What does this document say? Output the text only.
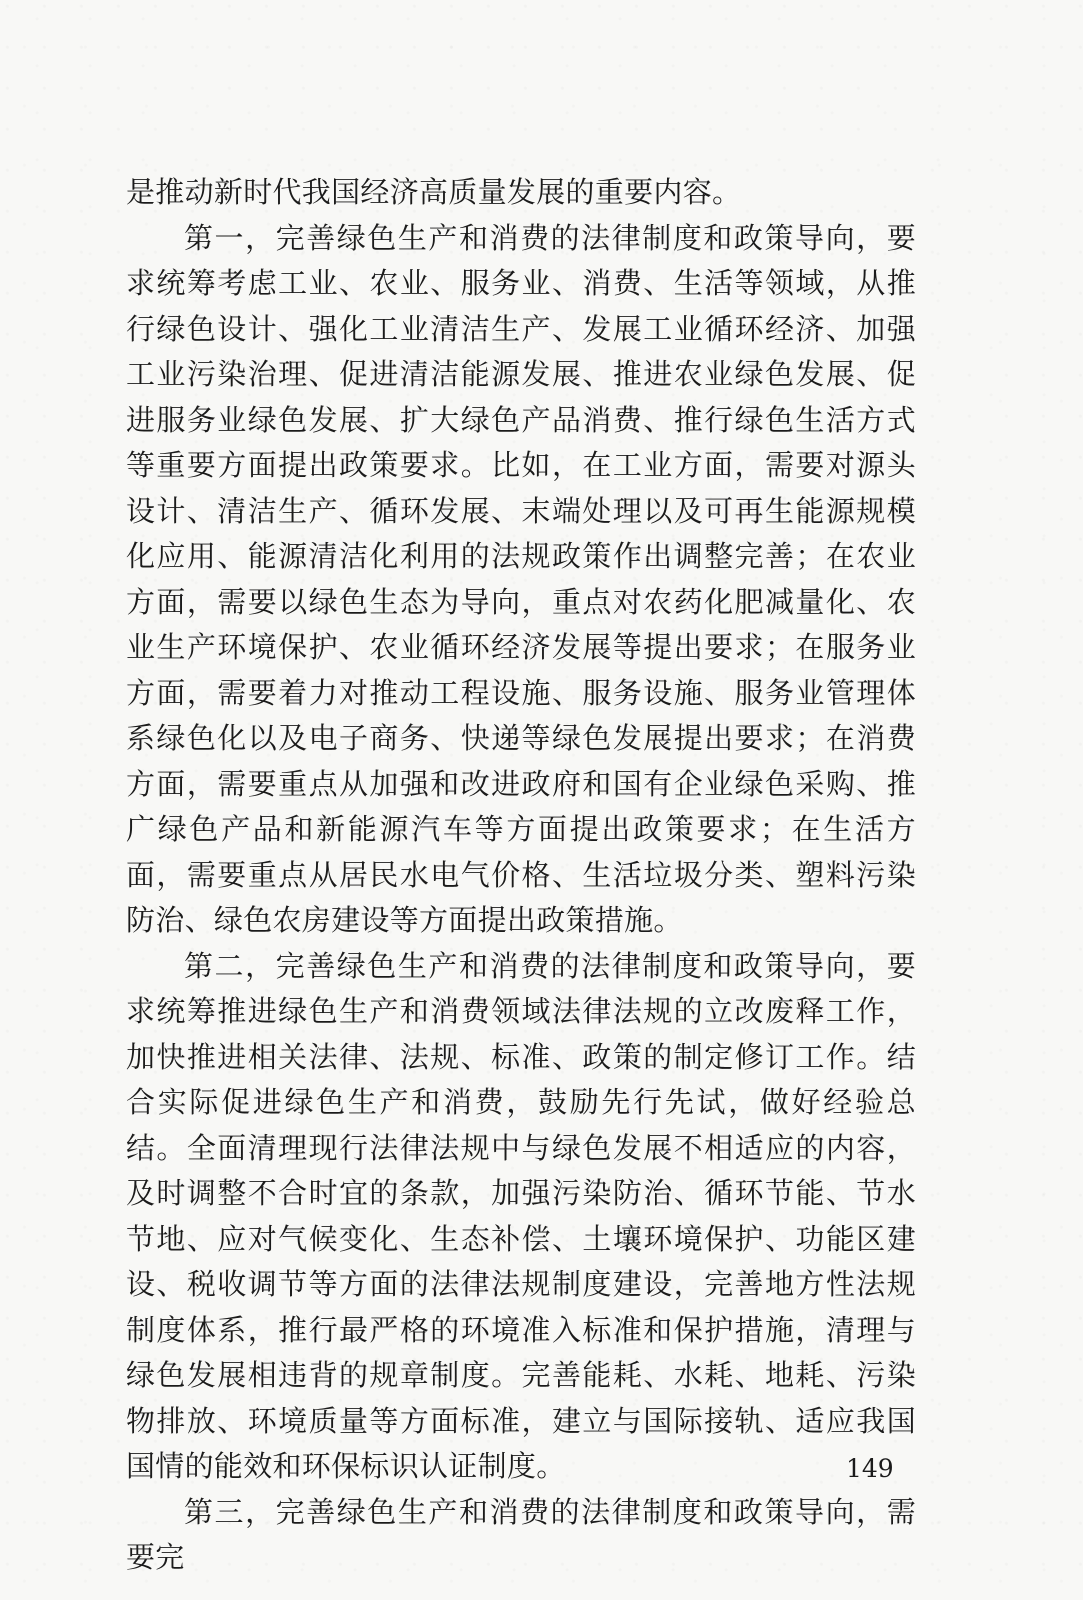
是推动新时代我国经济高质量发展的重要内容。

第一，完善绿色生产和消费的法律制度和政策导向，要求统筹考虑工业、农业、服务业、消费、生活等领域，从推行绿色设计、强化工业清洁生产、发展工业循环经济、加强工业污染治理、促进清洁能源发展、推进农业绿色发展、促进服务业绿色发展、扩大绿色产品消费、推行绿色生活方式等重要方面提出政策要求。比如，在工业方面，需要对源头设计、清洁生产、循环发展、末端处理以及可再生能源规模化应用、能源清洁化利用的法规政策作出调整完善；在农业方面，需要以绿色生态为导向，重点对农药化肥减量化、农业生产环境保护、农业循环经济发展等提出要求；在服务业方面，需要着力对推动工程设施、服务设施、服务业管理体系绿色化以及电子商务、快递等绿色发展提出要求；在消费方面，需要重点从加强和改进政府和国有企业绿色采购、推广绿色产品和新能源汽车等方面提出政策要求；在生活方面，需要重点从居民水电气价格、生活垃圾分类、塑料污染防治、绿色农房建设等方面提出政策措施。

第二，完善绿色生产和消费的法律制度和政策导向，要求统筹推进绿色生产和消费领域法律法规的立改废释工作，加快推进相关法律、法规、标准、政策的制定修订工作。结合实际促进绿色生产和消费，鼓励先行先试，做好经验总结。全面清理现行法律法规中与绿色发展不相适应的内容，及时调整不合时宜的条款，加强污染防治、循环节能、节水节地、应对气候变化、生态补偿、土壤环境保护、功能区建设、税收调节等方面的法律法规制度建设，完善地方性法规制度体系，推行最严格的环境准入标准和保护措施，清理与绿色发展相违背的规章制度。完善能耗、水耗、地耗、污染物排放、环境质量等方面标准，建立与国际接轨、适应我国国情的能效和环保标识认证制度。

第三，完善绿色生产和消费的法律制度和政策导向，需要完

149
